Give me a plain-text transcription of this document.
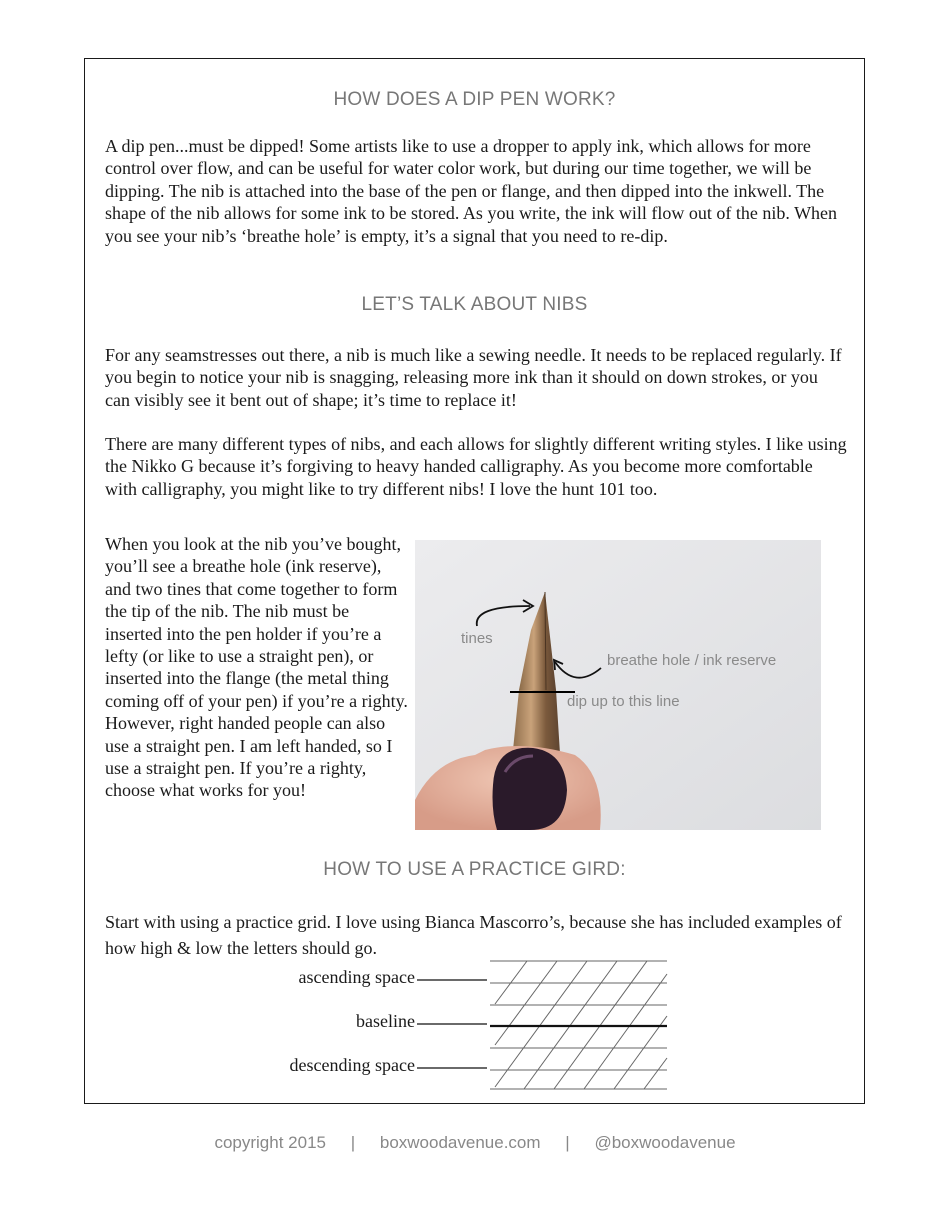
HOW DOES A DIP PEN WORK?

A dip pen...must be dipped! Some artists like to use a dropper to apply ink, which allows for more control over flow, and can be useful for water color work, but during our time together, we will be dipping. The nib is attached into the base of the pen or flange, and then dipped into the inkwell. The shape of the nib allows for some ink to be stored. As you write, the ink will flow out of the nib. When you see your nib’s ‘breathe hole’ is empty, it’s a signal that you need to re-dip.

LET’S TALK ABOUT NIBS

For any seamstresses out there, a nib is much like a sewing needle. It needs to be replaced regularly. If you begin to notice your nib is snagging, releasing more ink than it should on down strokes, or you can visibly see it bent out of shape; it’s time to replace it!

There are many different types of nibs, and each allows for slightly different writing styles. I like using the Nikko G because it’s forgiving to heavy handed calligraphy. As you become more comfortable with calligraphy, you might like to try different nibs! I love the hunt 101 too.

When you look at the nib you’ve bought, you’ll see a breathe hole (ink reserve), and two tines that come together to form the tip of the nib. The nib must be inserted into the pen holder if you’re a lefty (or like to use a straight pen), or inserted into the flange (the metal thing coming off of your pen) if you’re a righty. However, right handed people can also use a straight pen. I am left handed, so I use a straight pen. If you’re a righty, choose what works for you!

tines
breathe hole / ink reserve
dip up to this line
HOW TO USE A PRACTICE GIRD:

Start with using a practice grid. I love using Bianca Mascorro’s, because she has included examples of how high & low the letters should go.

ascending space
baseline
descending space
copyright 2015 | boxwoodavenue.com | @boxwoodavenue
